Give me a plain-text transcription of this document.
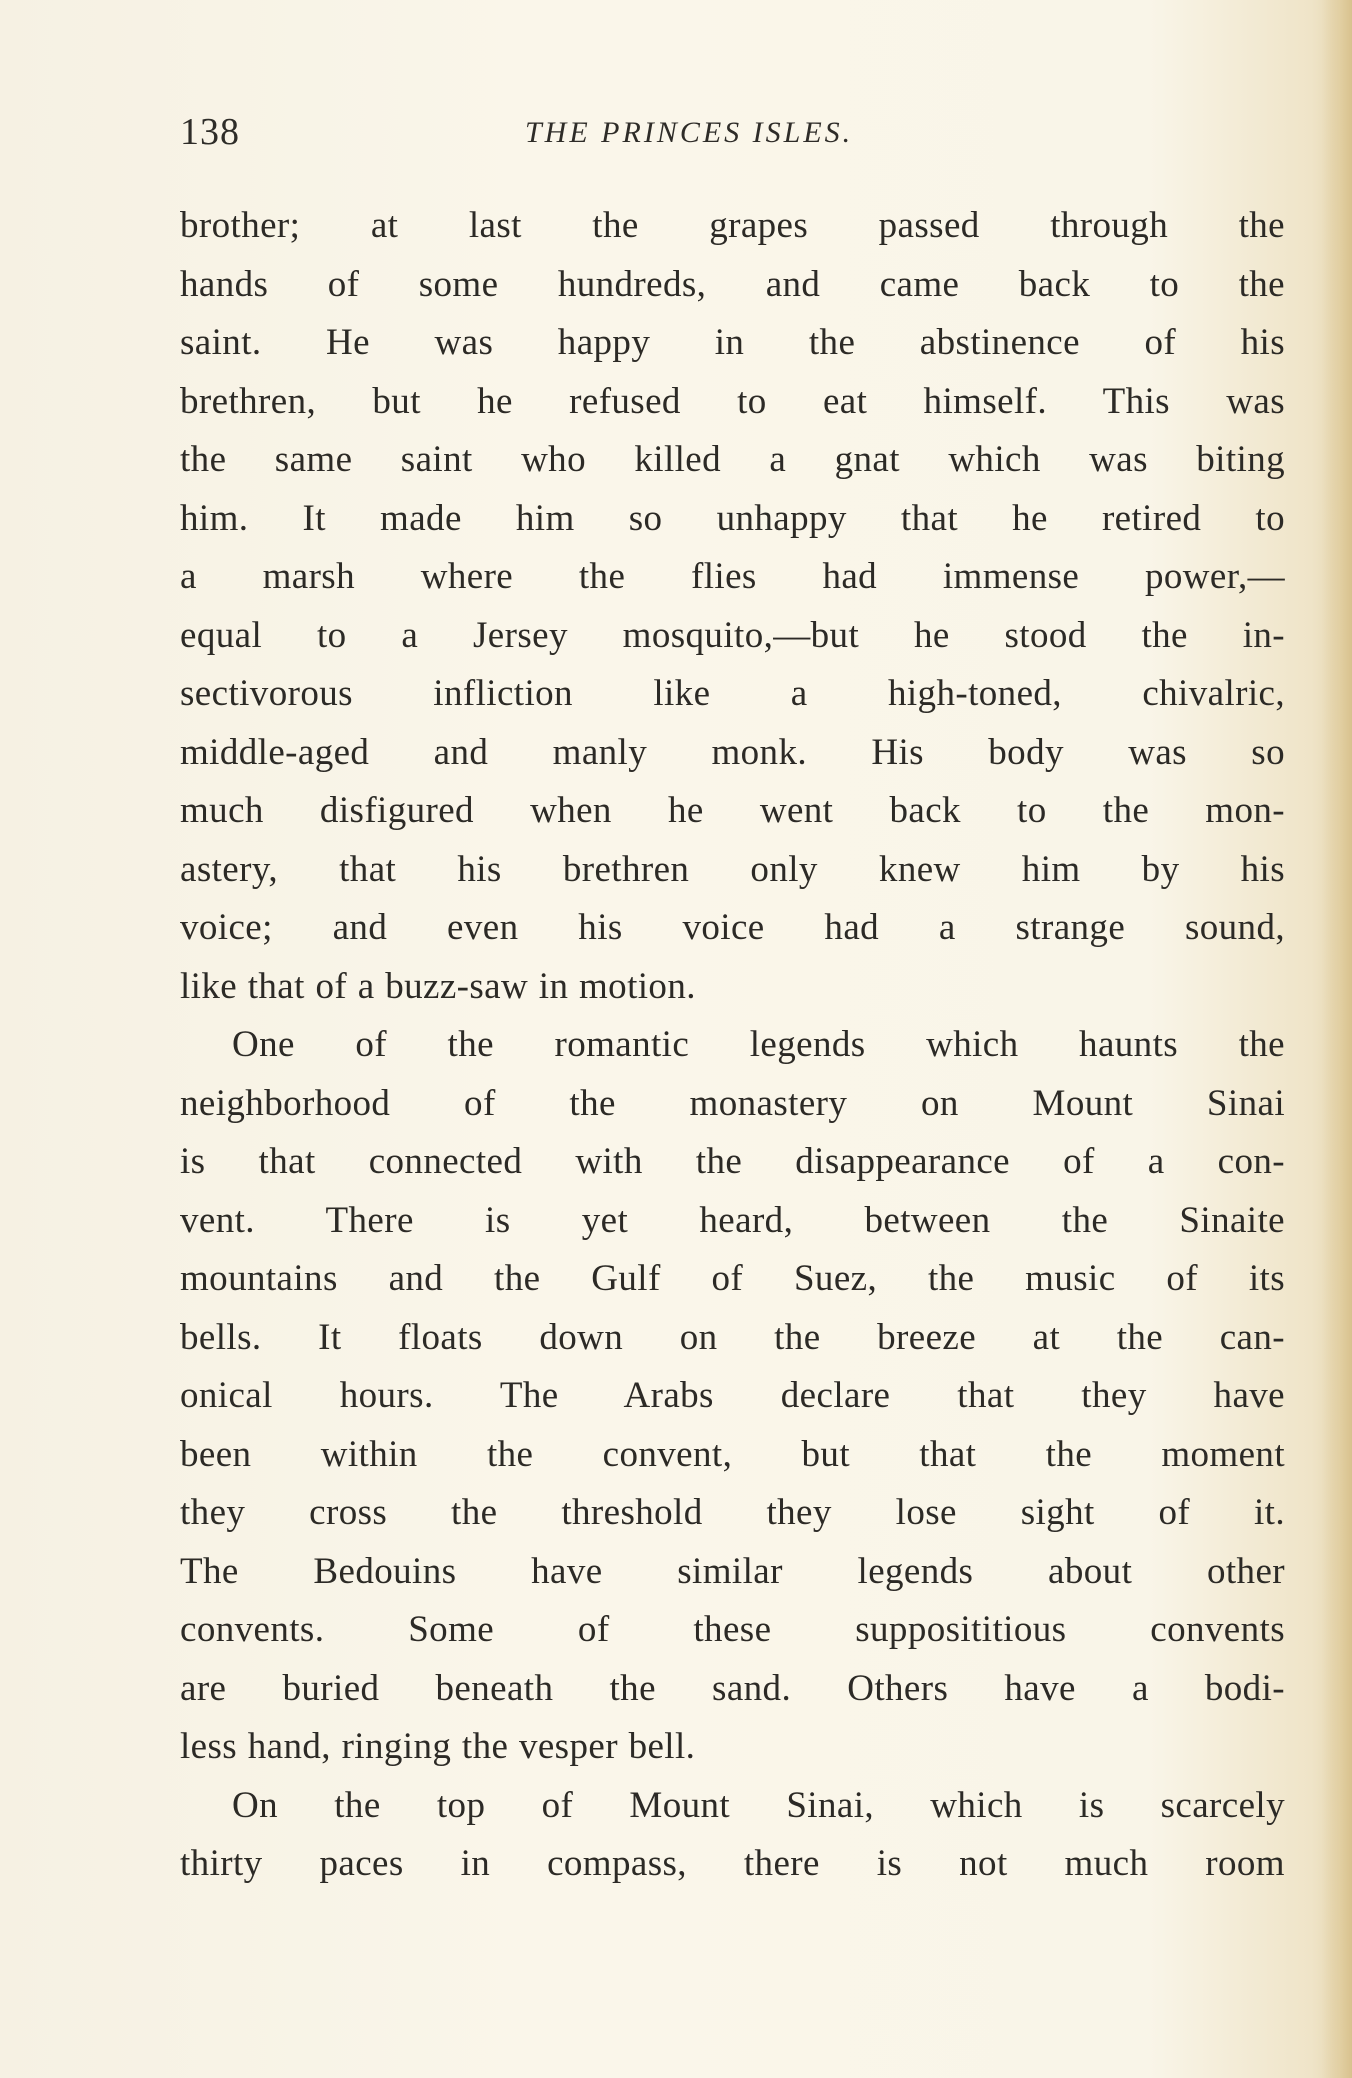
138	THE PRINCES ISLES.
brother; at last the grapes passed through the
hands of some hundreds, and came back to the
saint. He was happy in the abstinence of his
brethren, but he refused to eat himself. This was
the same saint who killed a gnat which was biting
him. It made him so unhappy that he retired to
a marsh where the flies had immense power,—
equal to a Jersey mosquito,—but he stood the in-
sectivorous infliction like a high-toned, chivalric,
middle-aged and manly monk. His body was so
much disfigured when he went back to the mon-
astery, that his brethren only knew him by his
voice; and even his voice had a strange sound,
like that of a buzz-saw in motion.
One of the romantic legends which haunts the
neighborhood of the monastery on Mount Sinai
is that connected with the disappearance of a con-
vent. There is yet heard, between the Sinaite
mountains and the Gulf of Suez, the music of its
bells. It floats down on the breeze at the can-
onical hours. The Arabs declare that they have
been within the convent, but that the moment
they cross the threshold they lose sight of it.
The Bedouins have similar legends about other
convents. Some of these supposititious convents
are buried beneath the sand. Others have a bodi-
less hand, ringing the vesper bell.
On the top of Mount Sinai, which is scarcely
thirty paces in compass, there is not much room
